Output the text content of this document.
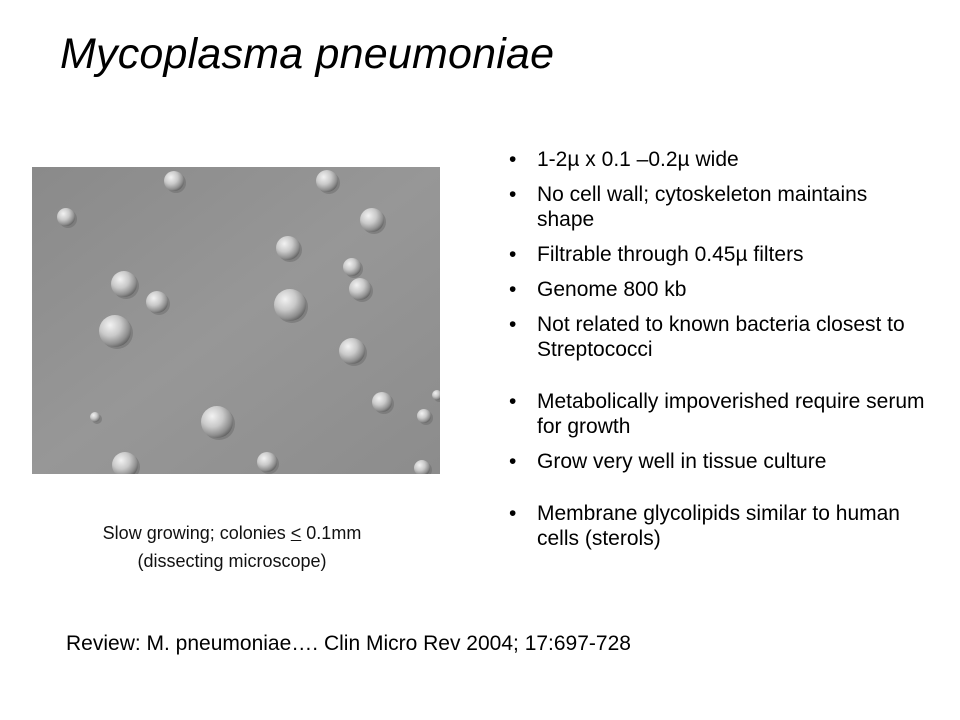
Mycoplasma pneumoniae
Slow growing; colonies < 0.1mm
(dissecting microscope)
• 1-2µ x 0.1 –0.2µ wide
• No cell wall; cytoskeleton maintains shape
• Filtrable through 0.45µ filters
• Genome 800 kb
• Not related to known bacteria closest to Streptococci
• Metabolically impoverished require serum for growth
• Grow very well in tissue culture
• Membrane glycolipids similar to human cells (sterols)
Review: M. pneumoniae…. Clin Micro Rev 2004; 17:697-728
